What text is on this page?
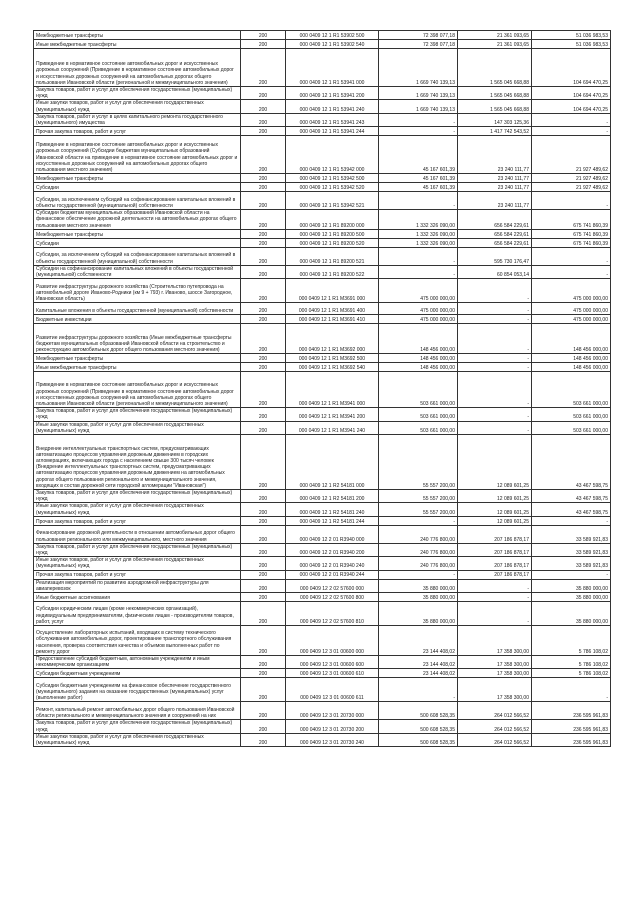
Межбюджетные трансферты	200	000 0409 12 1 R1 53902 500	72 398 077,18	21 361 093,65	51 036 983,53
Иные межбюджетные трансферты	200	000 0409 12 1 R1 53902 540	72 398 077,18	21 361 093,65	51 036 983,53
Приведение в нормативное состояние автомобильных дорог и искусственных дорожных сооружений (Приведение в нормативное состояние автомобильных дорог и искусственных дорожных сооружений на автомобильных дорогах общего пользования Ивановской области (региональной и межмуниципального значения)	200	000 0409 12 1 R1 53941 000	1 669 740 139,13	1 565 045 668,88	104 694 470,25
Закупка товаров, работ и услуг для обеспечения государственных (муниципальных) нужд	200	000 0409 12 1 R1 53941 200	1 669 740 139,13	1 565 045 668,88	104 694 470,25
Иные закупки товаров, работ и услуг для обеспечения государственных (муниципальных) нужд	200	000 0409 12 1 R1 53941 240	1 669 740 139,13	1 565 045 668,88	104 694 470,25
Закупка товаров, работ и услуг в целях капитального ремонта государственного (муниципального) имущества	200	000 0409 12 1 R1 53941 243	-	147 303 125,36	-
Прочая закупка товаров, работ и услуг	200	000 0409 12 1 R1 53941 244	-	1 417 742 543,52	-
Приведение в нормативное состояние автомобильных дорог и искусственных дорожных сооружений (Субсидии бюджетам муниципальных образований Ивановской области на приведение в нормативное состояние автомобильных дорог и искусственных дорожных сооружений на автомобильных дорогах общего пользования местного значения)	200	000 0409 12 1 R1 53942 000	45 167 601,39	23 240 111,77	21 927 489,62
Межбюджетные трансферты	200	000 0409 12 1 R1 53942 500	45 167 601,39	23 240 111,77	21 927 489,62
Субсидии	200	000 0409 12 1 R1 53942 520	45 167 601,39	23 240 111,77	21 927 489,62
Субсидии, за исключением субсидий на софинансирование капитальных вложений в объекты государственной (муниципальной) собственности	200	000 0409 12 1 R1 53942 521	-	23 240 111,77	-
Субсидии бюджетам муниципальных образований Ивановской области на финансовое обеспечение дорожной деятельности на автомобильных дорогах общего пользования местного значения	200	000 0409 12 1 R1 89200 000	1 332 326 090,00	656 584 229,61	675 741 860,39
Межбюджетные трансферты	200	000 0409 12 1 R1 89200 500	1 332 326 090,00	656 584 229,61	675 741 860,39
Субсидии	200	000 0409 12 1 R1 89200 520	1 332 326 090,00	656 584 229,61	675 741 860,39
Субсидии, за исключением субсидий на софинансирование капитальных вложений в объекты государственной (муниципальной) собственности	200	000 0409 12 1 R1 89200 521	-	595 730 176,47	-
Субсидии на софинансирование капитальных вложений в объекты государственной (муниципальной) собственности	200	000 0409 12 1 R1 89200 522	-	60 854 053,14	-
Развитие инфраструктуры дорожного хозяйства (Строительство путепровода на автомобильной дороге Иваново-Родники (км 9 + 793) г. Иваново, шоссе Загородное, Ивановская область)	200	000 0409 12 1 R1 M3691 000	475 000 000,00	-	475 000 000,00
Капитальные вложения в объекты государственной (муниципальной) собственности	200	000 0409 12 1 R1 M3691 400	475 000 000,00	-	475 000 000,00
Бюджетные инвестиции	200	000 0409 12 1 R1 M3691 410	475 000 000,00	-	475 000 000,00
Развитие инфраструктуры дорожного хозяйства (Иные межбюджетные трансферты бюджетам муниципальных образований Ивановской области на строительство и реконструкцию автомобильных дорог общего пользования местного значения)	200	000 0409 12 1 R1 M3692 000	148 456 000,00	-	148 456 000,00
Межбюджетные трансферты	200	000 0409 12 1 R1 M3692 500	148 456 000,00	-	148 456 000,00
Иные межбюджетные трансферты	200	000 0409 12 1 R1 M3692 540	148 456 000,00	-	148 456 000,00
Приведение в нормативное состояние автомобильных дорог и искусственных дорожных сооружений (Приведение в нормативное состояние автомобильных дорог и искусственных дорожных сооружений на автомобильных дорогах общего пользования Ивановской области (региональной и межмуниципального значения)	200	000 0409 12 1 R1 M3941 000	503 661 000,00	-	503 661 000,00
Закупка товаров, работ и услуг для обеспечения государственных (муниципальных) нужд	200	000 0409 12 1 R1 M3941 200	503 661 000,00	-	503 661 000,00
Иные закупки товаров, работ и услуг для обеспечения государственных (муниципальных) нужд	200	000 0409 12 1 R1 M3941 240	503 661 000,00	-	503 661 000,00
Внедрение интеллектуальных транспортных систем, предусматривающих автоматизацию процессов управления дорожным движением в городских агломерациях, включающих города с населением свыше 300 тысяч человек (Внедрение интеллектуальных транспортных систем, предусматривающих автоматизацию процессов управления дорожным движением на автомобильных дорогах общего пользования регионального и межмуниципального значения, входящих в состав дорожной сети городской агломерации "Ивановская")	200	000 0409 12 1 R2 54181 000	55 557 200,00	12 089 601,25	43 467 598,75
Закупка товаров, работ и услуг для обеспечения государственных (муниципальных) нужд	200	000 0409 12 1 R2 54181 200	55 557 200,00	12 089 601,25	43 467 598,75
Иные закупки товаров, работ и услуг для обеспечения государственных (муниципальных) нужд	200	000 0409 12 1 R2 54181 240	55 557 200,00	12 089 601,25	43 467 598,75
Прочая закупка товаров, работ и услуг	200	000 0409 12 1 R2 54181 244	-	12 089 601,25	-
Финансирование дорожной деятельности в отношении автомобильных дорог общего пользования регионального или межмуниципального, местного значения	200	000 0409 12 2 01 R3940 000	240 776 800,00	207 186 878,17	33 589 921,83
Закупка товаров, работ и услуг для обеспечения государственных (муниципальных) нужд	200	000 0409 12 2 01 R3940 200	240 776 800,00	207 186 878,17	33 589 921,83
Иные закупки товаров, работ и услуг для обеспечения государственных (муниципальных) нужд	200	000 0409 12 2 01 R3940 240	240 776 800,00	207 186 878,17	33 589 921,83
Прочая закупка товаров, работ и услуг	200	000 0409 12 2 01 R3940 244	-	207 186 878,17	-
Реализация мероприятий по развитию аэродромной инфраструктуры для авиаперевозок	200	000 0409 12 2 02 57600 000	35 880 000,00	-	35 880 000,00
Иные бюджетные ассигнования	200	000 0409 12 2 02 57600 800	35 880 000,00	-	35 880 000,00
Субсидии юридическим лицам (кроме некоммерческих организаций), индивидуальным предпринимателям, физическим лицам - производителям товаров, работ, услуг	200	000 0409 12 2 02 57600 810	35 880 000,00	-	35 880 000,00
Осуществление лабораторных испытаний, входящих в систему технического обслуживания автомобильных дорог, проектирование транспортного обслуживания населения, проверка соответствия качества и объемов выполненных работ по ремонту дорог	200	000 0409 12 3 01 00600 000	23 144 408,02	17 358 300,00	5 786 108,02
Предоставление субсидий бюджетным, автономным учреждениям и иным некоммерческим организациям	200	000 0409 12 3 01 00600 600	23 144 408,02	17 358 300,00	5 786 108,02
Субсидии бюджетным учреждениям	200	000 0409 12 3 01 00600 610	23 144 408,02	17 358 300,00	5 786 108,02
Субсидии бюджетным учреждениям на финансовое обеспечение государственного (муниципального) задания на оказание государственных (муниципальных) услуг (выполнение работ)	200	000 0409 12 3 01 00600 611	-	17 358 300,00	-
Ремонт, капитальный ремонт автомобильных дорог общего пользования Ивановской области регионального и межмуниципального значения и сооружений на них	200	000 0409 12 3 01 20730 000	500 608 528,35	264 012 566,52	236 595 961,83
Закупка товаров, работ и услуг для обеспечения государственных (муниципальных) нужд	200	000 0409 12 3 01 20730 200	500 608 528,35	264 012 566,52	236 595 961,83
Иные закупки товаров, работ и услуг для обеспечения государственных (муниципальных) нужд	200	000 0409 12 3 01 20730 240	500 608 528,35	264 012 566,52	236 595 961,83
